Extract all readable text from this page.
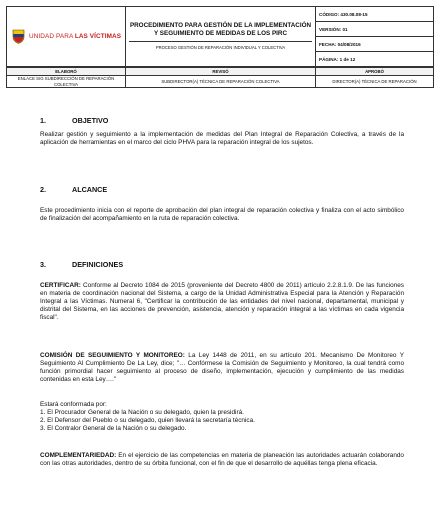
UNIDAD PARA LAS VÍCTIMAS

PROCEDIMIENTO PARA GESTIÓN DE LA IMPLEMENTACIÓN Y SEGUIMIENTO DE MEDIDAS DE LOS PIRC
PROCESO GESTIÓN DE REPARACIÓN INDIVIDUAL Y COLECTIVA
	CÓDIGO: 430.08.08-15
VERSIÓN: 01
FECHA: 04/08/2016
PÁGINA: 1 de 12
ELABORÓ	REVISÓ	APROBÓ
ENLACE SIG SUBDIRECCIÓN DE REPARACIÓN COLECTIVA	SUBDIRECTOR(A) TÉCNICA DE REPARACIÓN COLECTIVA	DIRECTOR(A) TÉCNICA DE REPARACIÓN
1.	OBJETIVO
Realizar gestión y seguimiento a la implementación de medidas del Plan Integral de Reparación Colectiva, a través de la aplicación de herramientas en el marco del ciclo PHVA para la reparación integral de los sujetos.
2.	ALCANCE
Este procedimiento inicia con el reporte de aprobación del plan integral de reparación colectiva y finaliza con el acto simbólico de finalización del acompañamiento en la ruta de reparación colectiva.
3.	DEFINICIONES
CERTIFICAR: Conforme al Decreto 1084 de 2015 (proveniente del Decreto 4800 de 2011) artículo 2.2.8.1.9. De las funciones en materia de coordinación nacional del Sistema, a cargo de la Unidad Administrativa Especial para la Atención y Reparación Integral a las Víctimas. Numeral 6, "Certificar la contribución de las entidades del nivel nacional, departamental, municipal y distrital del Sistema, en las acciones de prevención, asistencia, atención y reparación integral a las víctimas en cada vigencia fiscal".
COMISIÓN DE SEGUIMIENTO Y MONITOREO: La Ley 1448 de 2011, en su artículo 201. Mecanismo De Monitoreo Y Seguimiento Al Cumplimiento De La Ley, dice; "… Confórmese la Comisión de Seguimiento y Monitoreo, la cual tendrá como función primordial hacer seguimiento al proceso de diseño, implementación, ejecución y cumplimiento de las medidas contenidas en esta Ley…."
Estará conformada por:
1. El Procurador General de la Nación o su delegado, quien la presidirá.
2. El Defensor del Pueblo o su delegado, quien llevará la secretaría técnica.
3. El Contralor General de la Nación o su delegado.
COMPLEMENTARIEDAD: En el ejercicio de las competencias en materia de planeación las autoridades actuarán colaborando con las otras autoridades, dentro de su órbita funcional, con el fin de que el desarrollo de aquéllas tenga plena eficacia.
